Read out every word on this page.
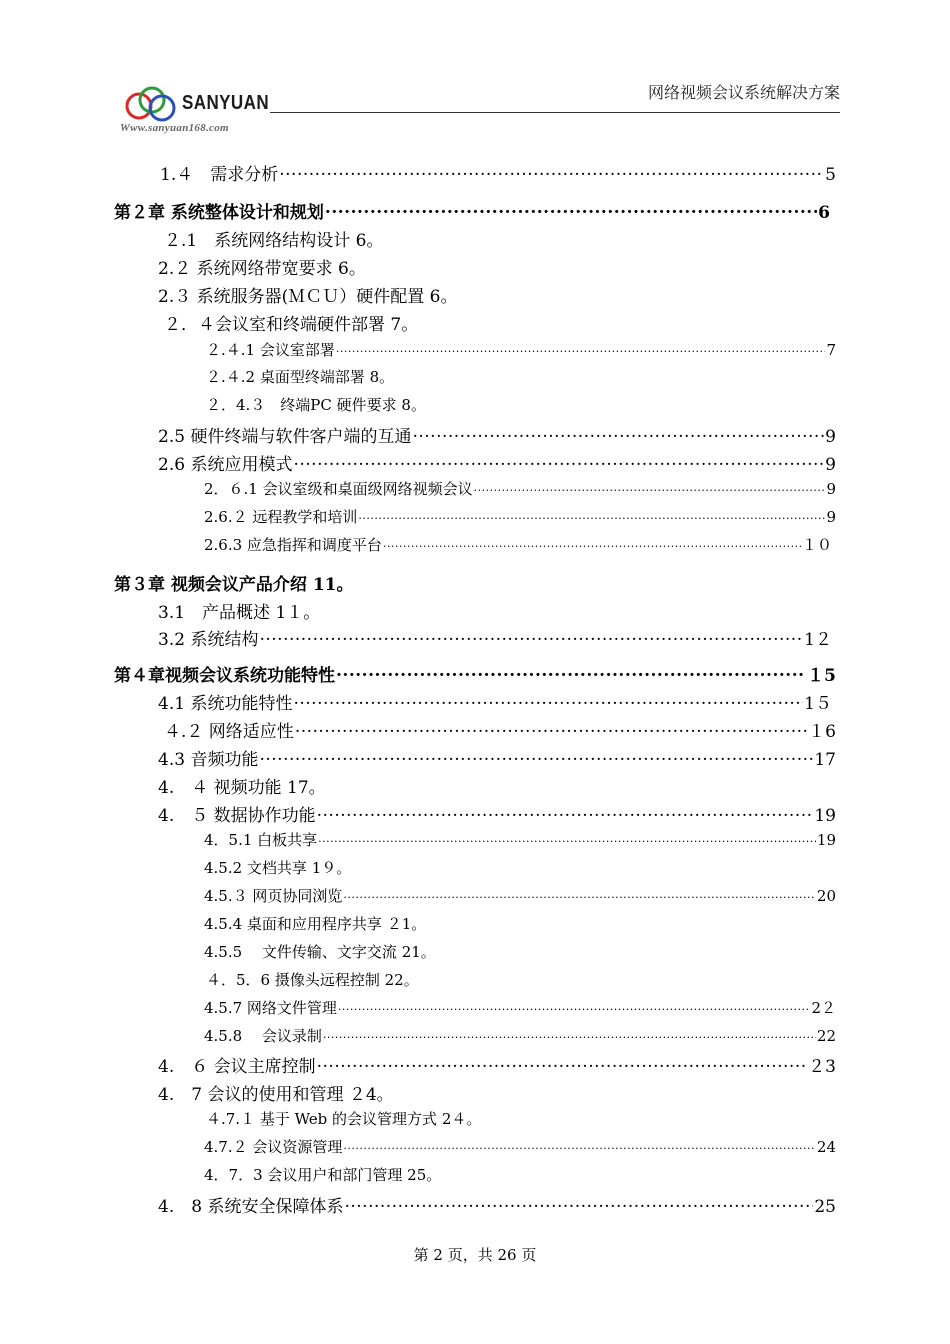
SANYUAN
Www.sanyuan168.com
网络视频会议系统解决方案
1.４　需求分析 .....	5
第２章 系统整体设计和规划 .....	6
２.1　系统网络结构设计 6。
2.２ 系统网络带宽要求 6。
2.３ 系统服务器(ＭＣＵ）硬件配置 6。
２．４会议室和终端硬件部署 7。
２.４.1 会议室部署 .....	7
２.４.2 桌面型终端部署 8。
２．4.３　终端PC 硬件要求 8。
2.5 硬件终端与软件客户端的互通 .....	9
2.6 系统应用模式 .....	9
2．６.1 会议室级和桌面级网络视频会议 .....	9
2.6.２ 远程教学和培训 .....	9
2.6.3 应急指挥和调度平台 .....	１０
第３章 视频会议产品介绍 11。
3.1　产品概述 1１。
3.2 系统结构 .....	1２
第４章视频会议系统功能特性 .....	１5
4.1 系统功能特性 .....	1５
４.２ 网络适应性 .....	１6
4.3 音频功能 .....	17
4.　４ 视频功能 17。
4.　５ 数据协作功能 .....	19
4．5.1 白板共享 .....	19
4.5.2 文档共享 1９。
4.5.３ 网页协同浏览 .....	20
4.5.4 桌面和应用程序共享 ２1。
4.5.5　 文件传输、文字交流 21。
４．5．6 摄像头远程控制 22。
4.5.7 网络文件管理 .....	2２
4.5.8　 会议录制 .....	22
4.　６ 会议主席控制 .....	２3
4.　7 会议的使用和管理 ２4。
４.7.１ 基于 Web 的会议管理方式 2４。
4.7.２ 会议资源管理 .....	24
4．7．3 会议用户和部门管理 25。
4.　8 系统安全保障体系 .....	25
第 2 页，共 26 页
